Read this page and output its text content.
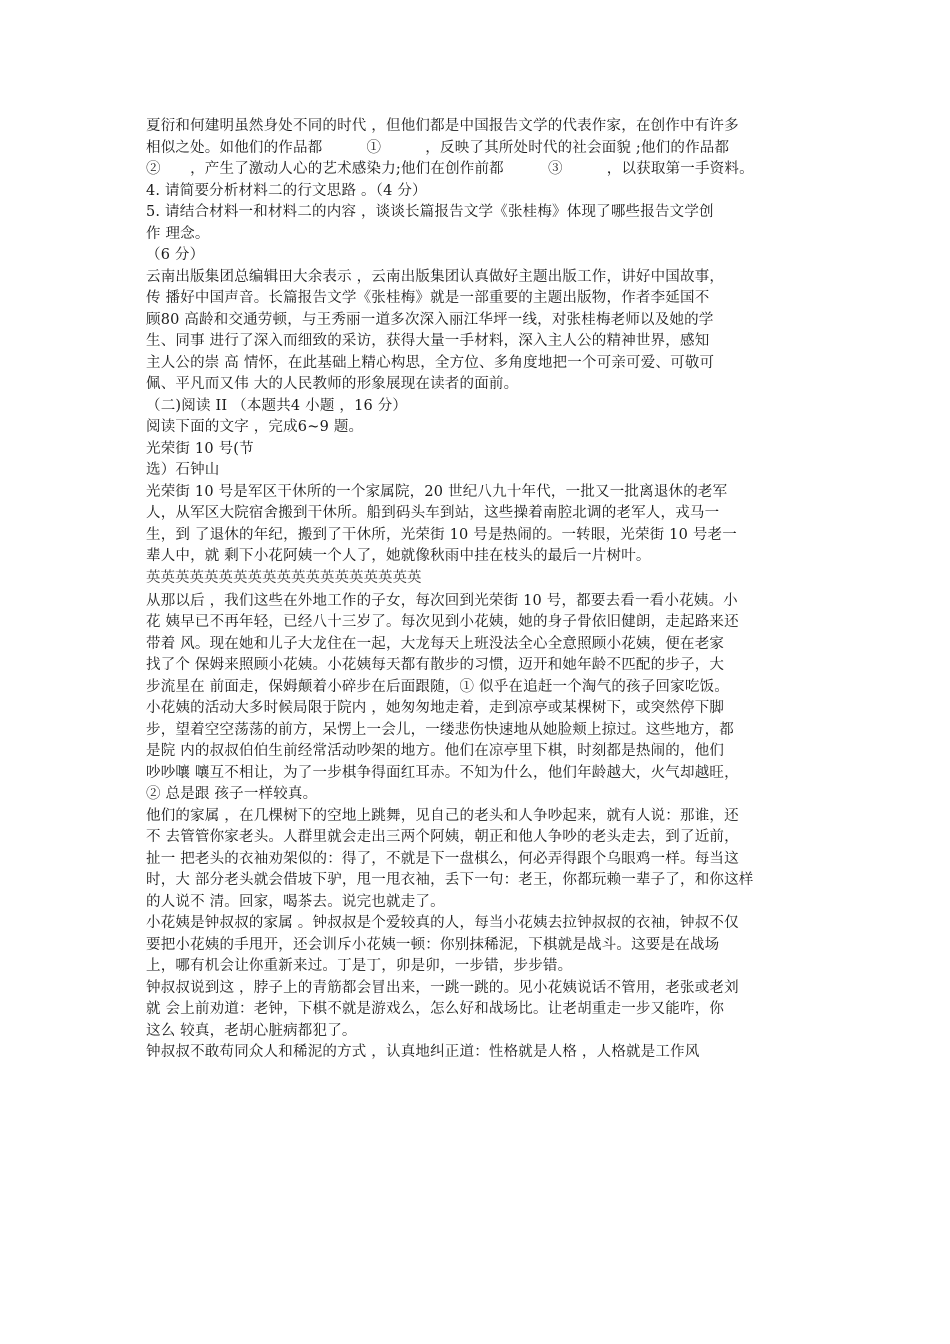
夏衍和何建明虽然身处不同的时代 ，但他们都是中国报告文学的代表作家，在创作中有许多
相似之处。如他们的作品都　　　①　　　，反映了其所处时代的社会面貌 ;他们的作品都
②　　，产生了激动人心的艺术感染力;他们在创作前都　　　③　　　，以获取第一手资料。
4. 请简要分析材料二的行文思路 。（4 分）
5. 请结合材料一和材料二的内容 ，谈谈长篇报告文学《张桂梅》体现了哪些报告文学创
作 理念。
（6 分）
云南出版集团总编辑田大余表示 ，云南出版集团认真做好主题出版工作，讲好中国故事，
传 播好中国声音。长篇报告文学《张桂梅》就是一部重要的主题出版物，作者李延国不
顾80 高龄和交通劳顿，与王秀丽一道多次深入丽江华坪一线，对张桂梅老师以及她的学
生、同事 进行了深入而细致的采访，获得大量一手材料，深入主人公的精神世界，感知
主人公的崇 高 情怀，在此基础上精心构思，全方位、多角度地把一个可亲可爱、可敬可
佩、平凡而又伟 大的人民教师的形象展现在读者的面前。
（二)阅读 II （本题共4 小题 ，16 分）
阅读下面的文字 ，完成6~9 题。
光荣街 10 号(节
选）石钟山
光荣街 10 号是军区干休所的一个家属院，20 世纪八九十年代，一批又一批离退休的老军
人，从军区大院宿舍搬到干休所。船到码头车到站，这些操着南腔北调的老军人，戎马一
生，到 了退休的年纪，搬到了干休所，光荣街 10 号是热闹的。一转眼，光荣街 10 号老一
辈人中，就 剩下小花阿姨一个人了，她就像秋雨中挂在枝头的最后一片树叶。
英英英英英英英英英英英英英英英英英英英
从那以后 ，我们这些在外地工作的子女，每次回到光荣街 10 号，都要去看一看小花姨。小
花 姨早已不再年轻，已经八十三岁了。每次见到小花姨，她的身子骨依旧健朗，走起路来还
带着 风。现在她和儿子大龙住在一起，大龙每天上班没法全心全意照顾小花姨，便在老家
找了个 保姆来照顾小花姨。小花姨每天都有散步的习惯，迈开和她年龄不匹配的步子，大
步流星在 前面走，保姆颠着小碎步在后面跟随，① 似乎在追赶一个淘气的孩子回家吃饭。
小花姨的活动大多时候局限于院内 ，她匆匆地走着，走到凉亭或某棵树下，或突然停下脚
步，望着空空荡荡的前方，呆愣上一会儿，一缕悲伤快速地从她脸颊上掠过。这些地方，都
是院 内的叔叔伯伯生前经常活动吵架的地方。他们在凉亭里下棋，时刻都是热闹的，他们
吵吵嚷 嚷互不相让，为了一步棋争得面红耳赤。不知为什么，他们年龄越大，火气却越旺，
② 总是跟 孩子一样较真。
他们的家属 ，在几棵树下的空地上跳舞，见自己的老头和人争吵起来，就有人说：那谁，还
不 去管管你家老头。人群里就会走出三两个阿姨，朝正和他人争吵的老头走去，到了近前，
扯一 把老头的衣袖劝架似的：得了，不就是下一盘棋么，何必弄得跟个乌眼鸡一样。每当这
时，大 部分老头就会借坡下驴，甩一甩衣袖，丢下一句：老王，你都玩赖一辈子了，和你这样
的人说不 清。回家，喝茶去。说完也就走了。
小花姨是钟叔叔的家属 。钟叔叔是个爱较真的人，每当小花姨去拉钟叔叔的衣袖，钟叔不仅
要把小花姨的手甩开，还会训斥小花姨一顿：你别抹稀泥，下棋就是战斗。这要是在战场
上，哪有机会让你重新来过。丁是丁，卯是卯，一步错，步步错。
钟叔叔说到这 ，脖子上的青筋都会冒出来，一跳一跳的。见小花姨说话不管用，老张或老刘
就 会上前劝道：老钟，下棋不就是游戏么，怎么好和战场比。让老胡重走一步又能咋，你
这么 较真，老胡心脏病都犯了。
钟叔叔不敢苟同众人和稀泥的方式 ，认真地纠正道：性格就是人格 ，人格就是工作风
